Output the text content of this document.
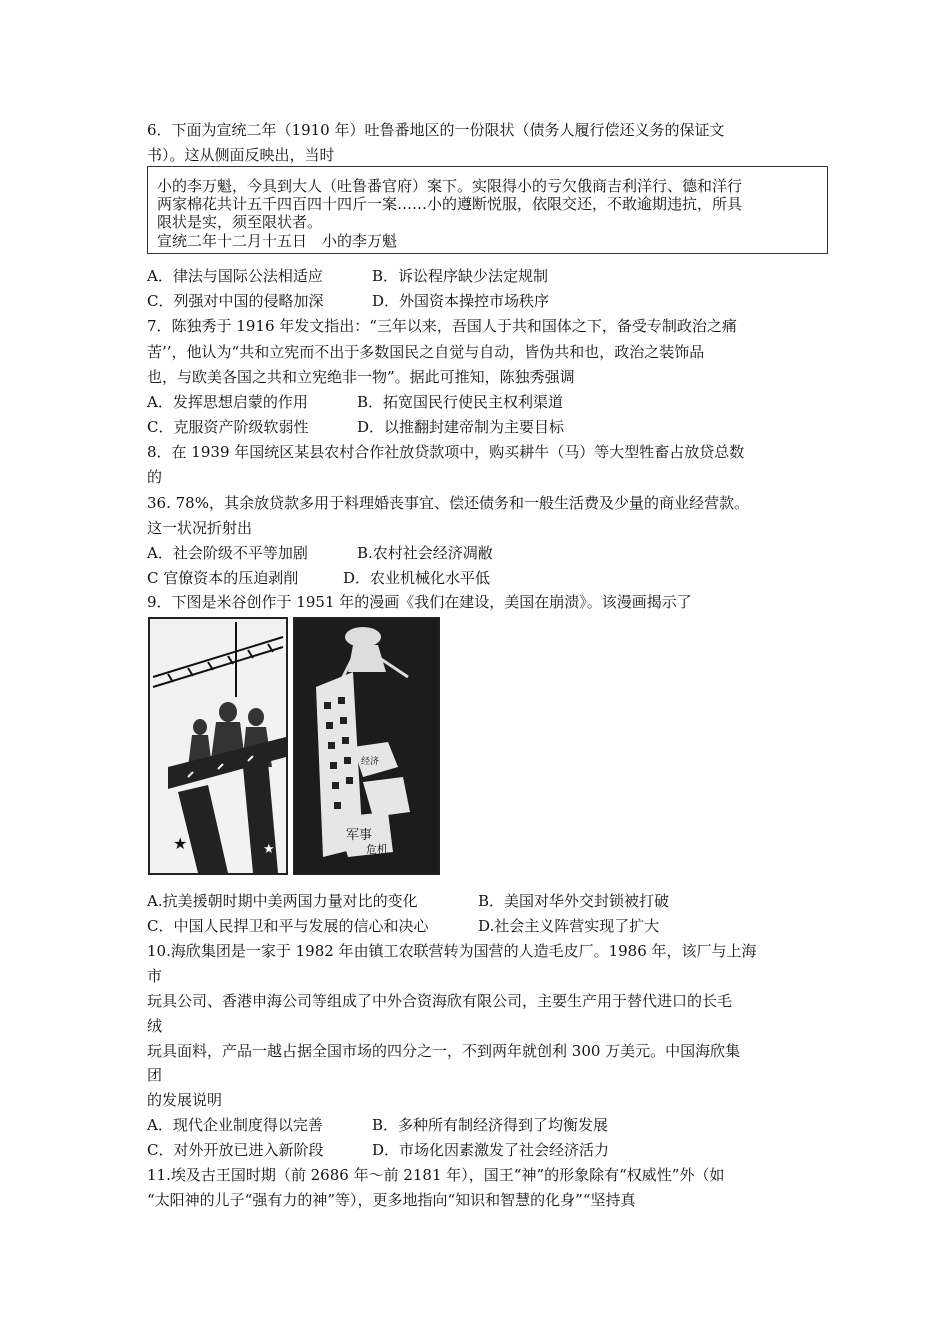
6．下面为宣统二年（1910 年）吐鲁番地区的一份限状（债务人履行偿还义务的保证文
书）。这从侧面反映出，当时
小的李万魁，今具到大人（吐鲁番官府）案下。实限得小的亏欠俄商吉利洋行、德和洋行
两家棉花共计五千四百四十四斤一案……小的遵断悦服，依限交还，不敢逾期违抗，所具
限状是实，须至限状者。
宣统二年十二月十五日　小的李万魁
A．律法与国际公法相适应	B．诉讼程序缺少法定规制
C．列强对中国的侵略加深	D．外国资本操控市场秩序
7．陈独秀于 1916 年发文指出：“三年以来，吾国人于共和国体之下，备受专制政治之痛
苦’’，他认为“共和立宪而不出于多数国民之自觉与自动，皆伪共和也，政治之装饰品
也，与欧美各国之共和立宪绝非一物”。据此可推知，陈独秀强调
A．发挥思想启蒙的作用	B．拓宽国民行使民主权利渠道
C．克服资产阶级软弱性	D．以推翻封建帝制为主要目标
8．在 1939 年国统区某县农村合作社放贷款项中，购买耕牛（马）等大型牲畜占放贷总数
的
36. 78%，其余放贷款多用于料理婚丧事宜、偿还债务和一般生活费及少量的商业经营款。
这一状况折射出
A．社会阶级不平等加剧	B.农村社会经济凋敝
C 官僚资本的压迫剥削	D．农业机械化水平低
9．下图是米谷创作于 1951 年的漫画《我们在建设，美国在崩溃》。该漫画揭示了
★	★
经济
军事
危机
A.抗美援朝时期中美两国力量对比的变化	B．美国对华外交封锁被打破
C．中国人民捍卫和平与发展的信心和决心	D.社会主义阵营实现了扩大
10.海欣集团是一家于 1982 年由镇工农联营转为国营的人造毛皮厂。1986 年，该厂与上海
市
玩具公司、香港申海公司等组成了中外合资海欣有限公司，主要生产用于替代进口的长毛
绒
玩具面料，产品一越占据全国市场的四分之一，不到两年就创利 300 万美元。中国海欣集
团
的发展说明
A．现代企业制度得以完善	B．多种所有制经济得到了均衡发展
C．对外开放已进入新阶段	D．市场化因素激发了社会经济活力
11.埃及古王国时期（前 2686 年～前 2181 年），国王“神”的形象除有“权威性”外（如
“太阳神的儿子“强有力的神”等），更多地指向“知识和智慧的化身”“坚持真
